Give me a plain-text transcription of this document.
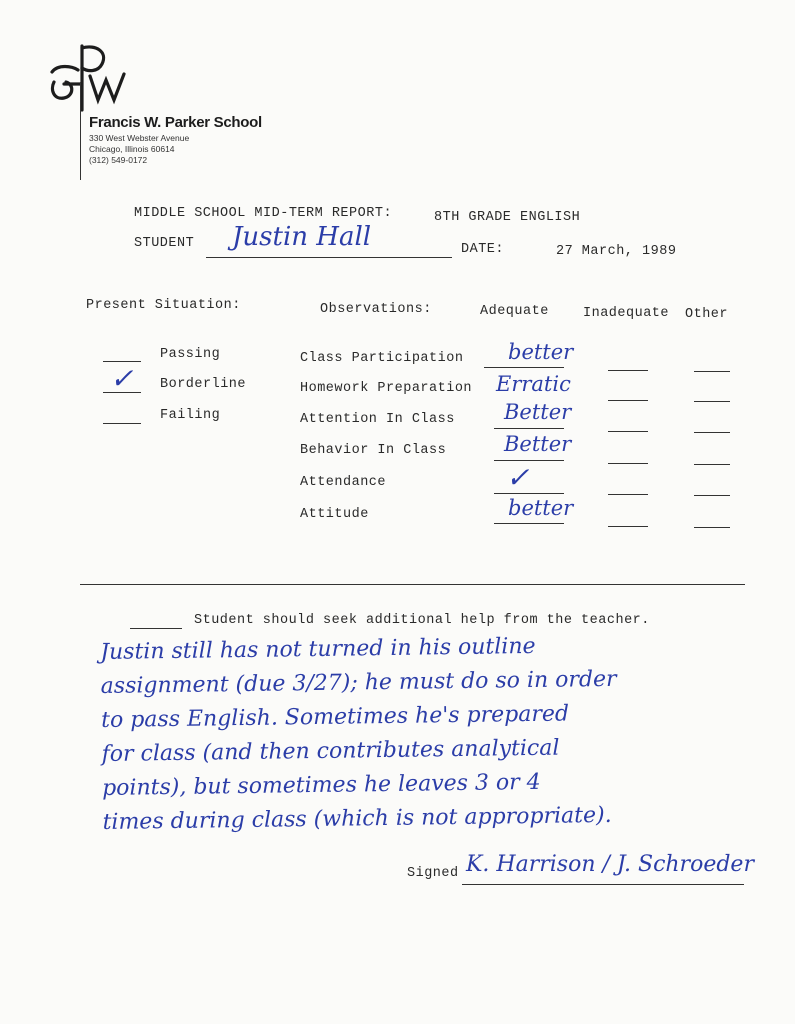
Francis W. Parker School
330 West Webster Avenue
Chicago, Illinois 60614
(312) 549-0172
MIDDLE SCHOOL MID-TERM REPORT:	8TH GRADE ENGLISH
STUDENT Justin Hall	DATE:	27 March, 1989
Present Situation:	Observations:	Adequate	Inadequate Other
Passing
✓ Borderline
Failing
Class Participation better
Homework Preparation Erratic
Attention In Class Better
Behavior In Class	Better
Attendance	✓
Attitude	better
Student should seek additional help from the teacher.
Justin still has not turned in his outline
assignment (due 3/27); he must do so in order
to pass English. Sometimes he's prepared
for class (and then contributes analytical
points), but sometimes he leaves 3 or 4
times during class (which is not appropriate).
Signed K. Harrison / J. Schroeder
